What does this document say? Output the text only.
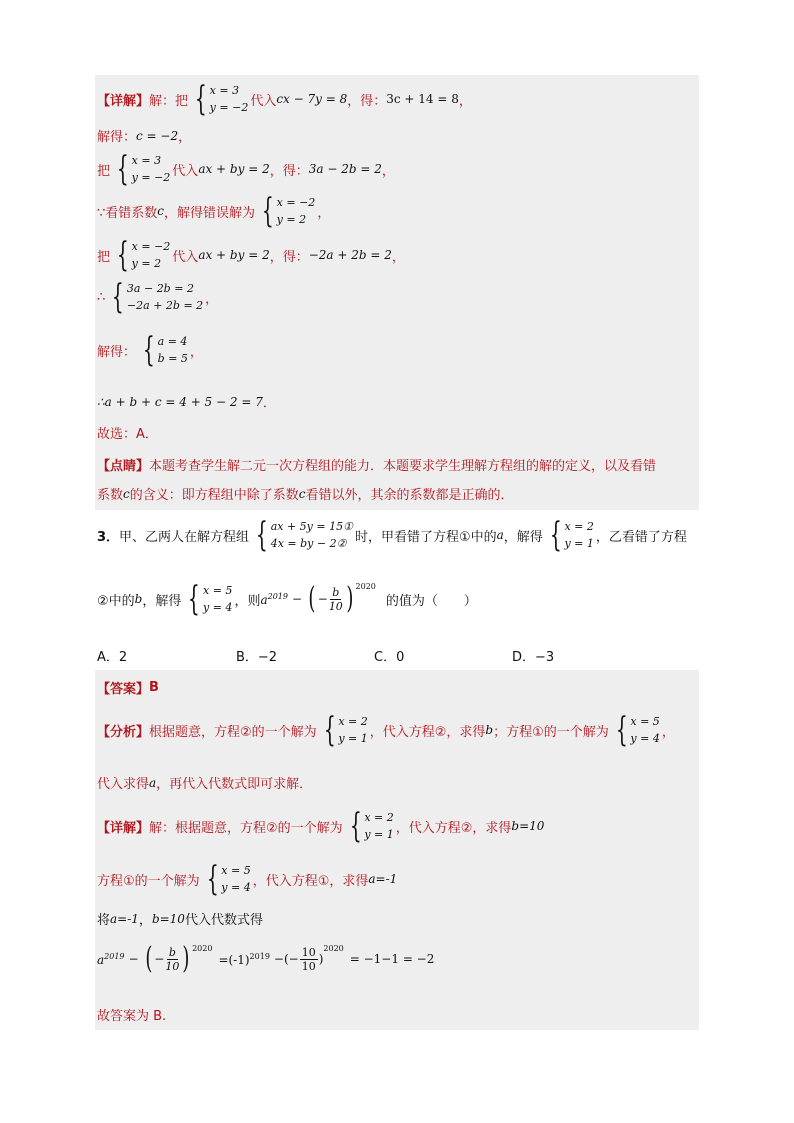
【详解】 解：把 { x = 3
y = −2 代入 cx − 7y = 8 ，得： 3c + 14 = 8 ，
解得： c = −2 ，
把 { x = 3
y = −2 代入 ax + by = 2 ，得： 3a − 2b = 2 ，
∵看错系数 c ，解得错误解为 { x = −2
y = 2 ，
把 { x = −2
y = 2 代入 ax + by = 2 ，得： −2a + 2b = 2 ，
∴ { 3a − 2b = 2
−2a + 2b = 2 ，
解得： { a = 4
b = 5 ，
∴a + b + c = 4 + 5 − 2 = 7 ．
故选：A．
【点睛】 本题考查学生解二元一次方程组的能力．本题要求学生理解方程组的解的定义，以及看错
系数 c 的含义：即方程组中除了系数 c 看错以外，其余的系数都是正确的．
3． 甲、乙两人在解方程组 { ax + 5y = 15①
4x = by − 2② 时，甲看错了方程①中的 a ，解得 { x = 2
y = 1 ，乙看错了方程
②中的 b ，解得 { x = 5
y = 4 ，则 $a^{2019}$ − ( − $\frac{b}{10}$ ) $^{2020}$
的值为（　　）
A．2	B．−2	C．0	D．−3
【答案】 B
【分析】 根据题意，方程②的一个解为 { x = 2
y = 1 ，代入方程②，求得 b ；方程①的一个解为 { x = 5
y = 4 ，
代入求得 a ，再代入代数式即可求解．
【详解】 解：根据题意，方程②的一个解为 { x = 2
y = 1 ，代入方程②，求得 b=10
方程①的一个解为 { x = 5
y = 4 ，代入方程①，求得 a=-1
将 a=-1 ， b=10 代入代数式得
$a^{2019}$ − ( − $\frac{b}{10}$ ) $^{2020}$
$=(-1)^{2019}$ −(− $\frac{10}{10}$ )
$^{2020}$
= −1−1 = −2
故答案为 B.
